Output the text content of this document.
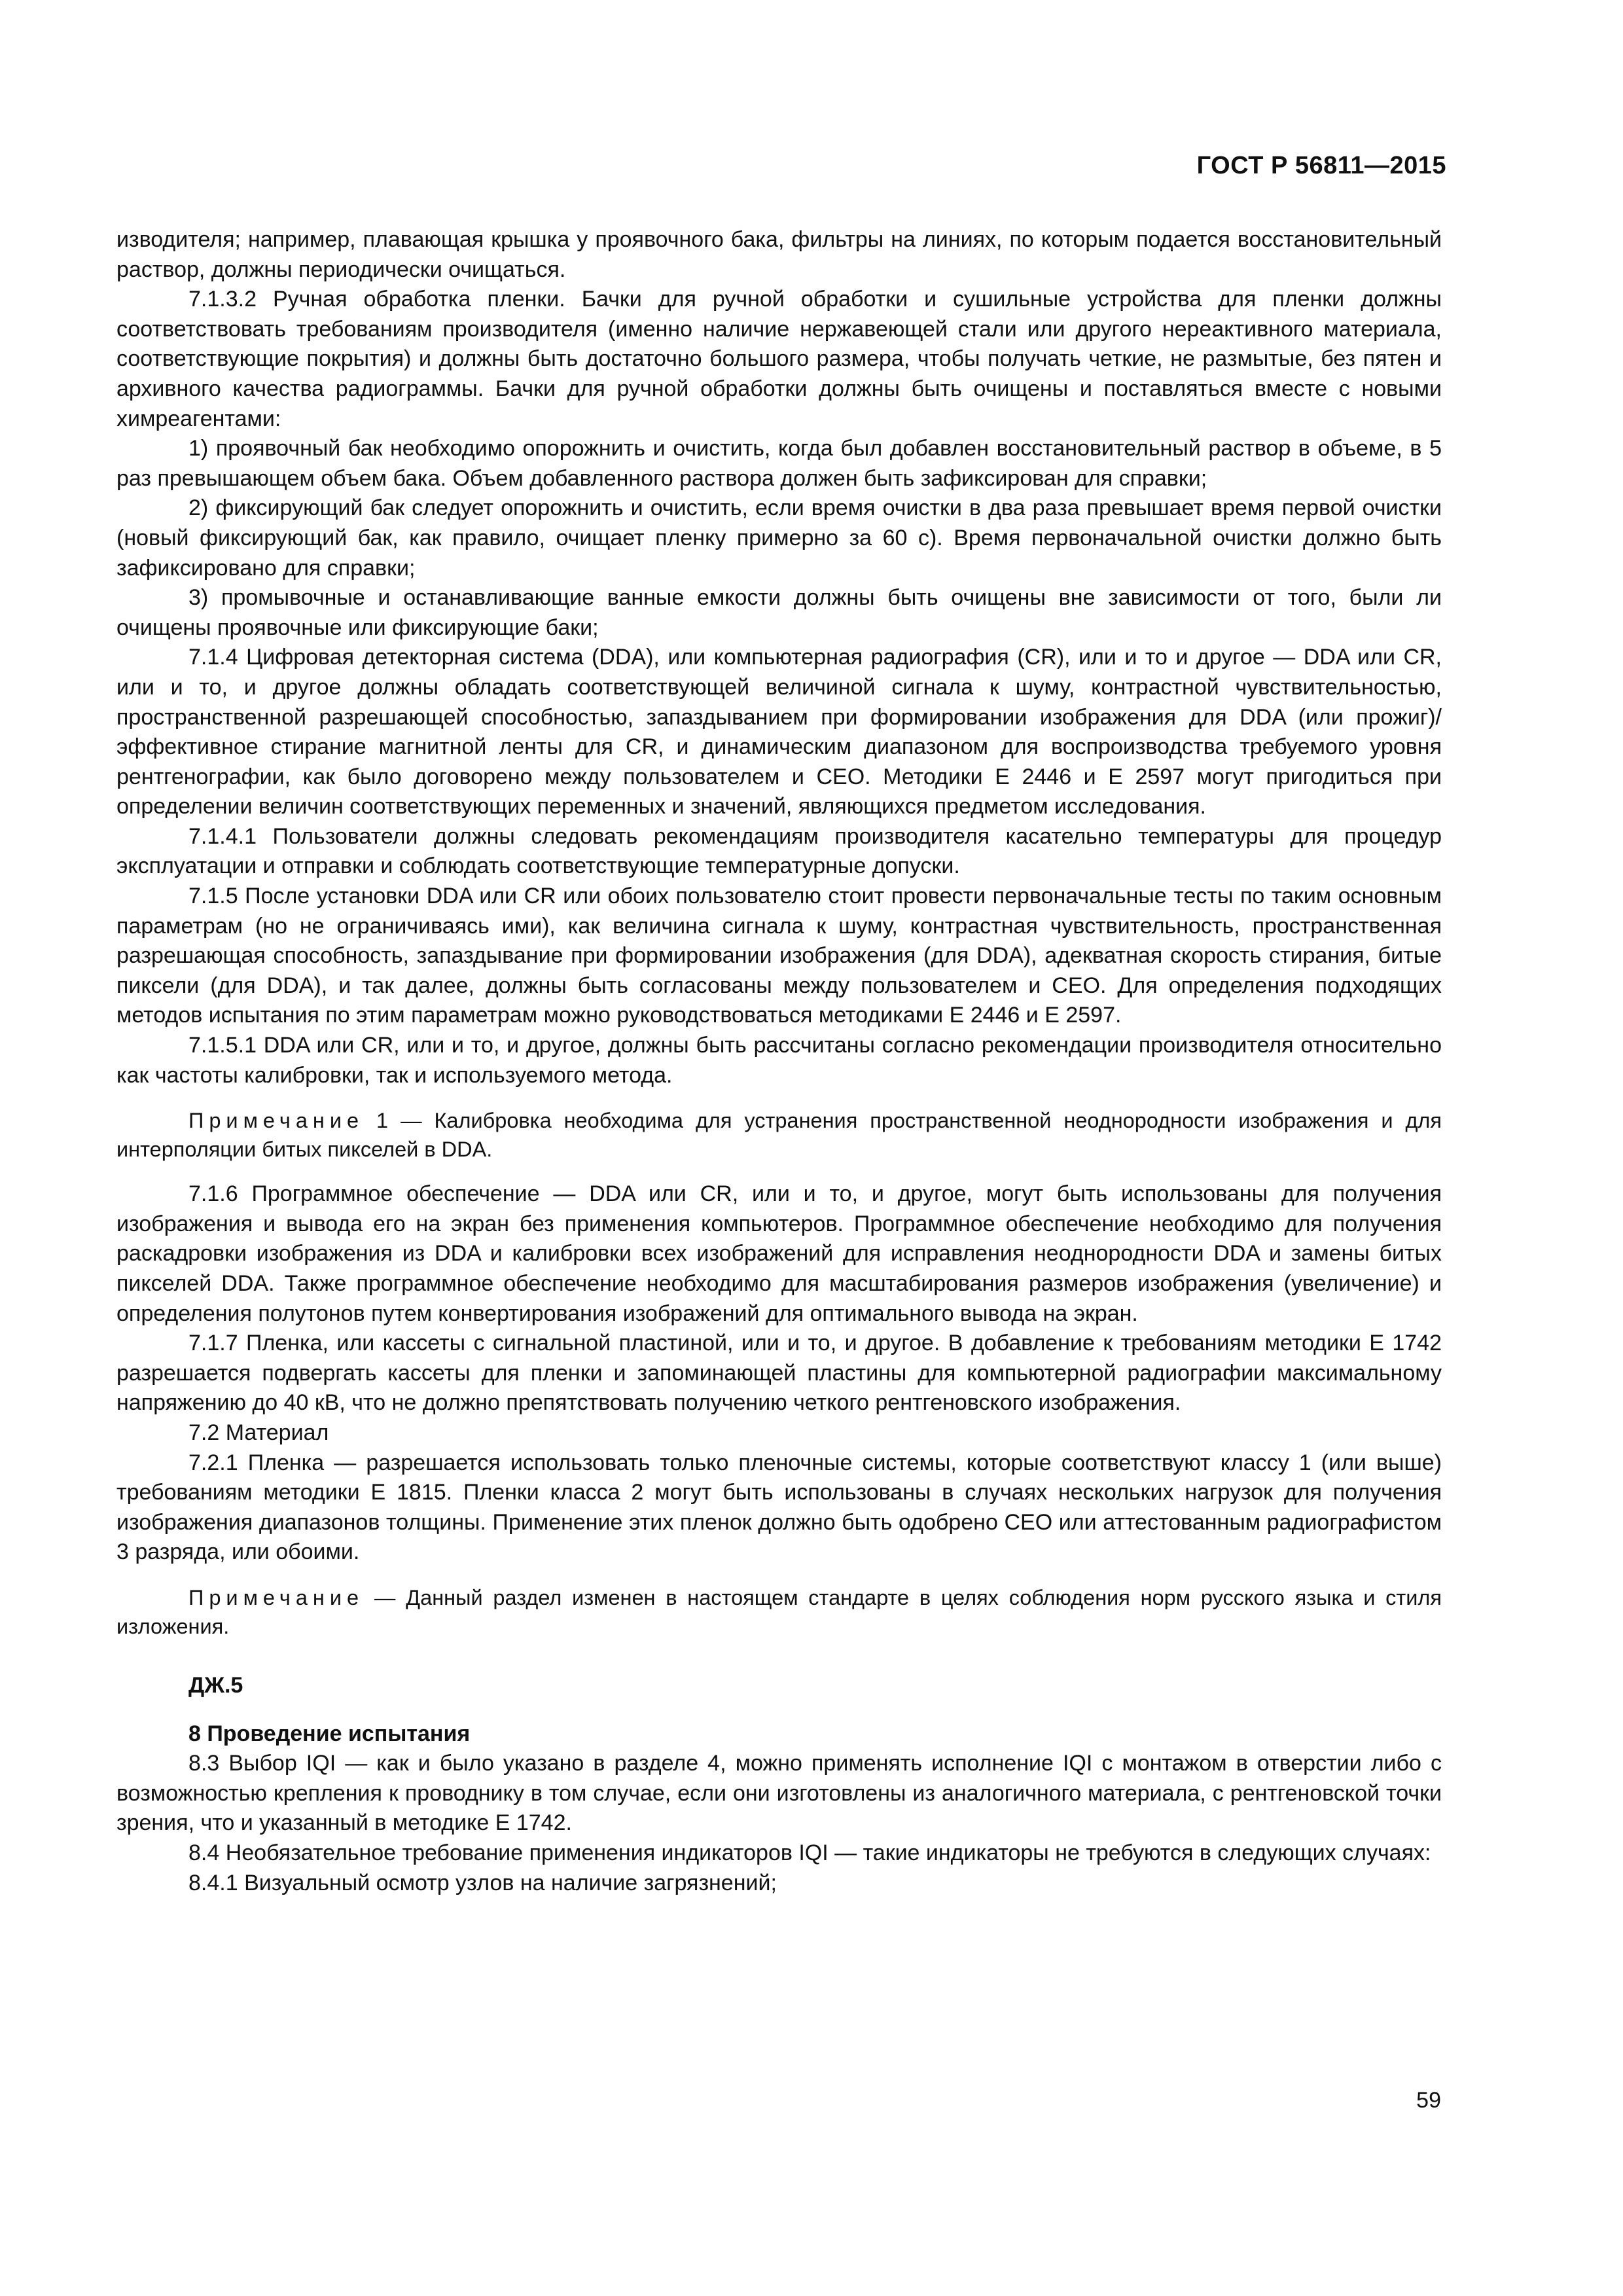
ГОСТ Р 56811—2015

изводителя; например, плавающая крышка у проявочного бака, фильтры на линиях, по которым подается восстановительный раствор, должны периодически очищаться.

7.1.3.2 Ручная обработка пленки. Бачки для ручной обработки и сушильные устройства для пленки должны соответствовать требованиям производителя (именно наличие нержавеющей стали или другого нереактивного материала, соответствующие покрытия) и должны быть достаточно большого размера, чтобы получать четкие, не размытые, без пятен и архивного качества радиограммы. Бачки для ручной обработки должны быть очищены и поставляться вместе с новыми химреагентами:

1) проявочный бак необходимо опорожнить и очистить, когда был добавлен восстановительный раствор в объеме, в 5 раз превышающем объем бака. Объем добавленного раствора должен быть зафиксирован для справки;

2) фиксирующий бак следует опорожнить и очистить, если время очистки в два раза превышает время первой очистки (новый фиксирующий бак, как правило, очищает пленку примерно за 60 с). Время первоначальной очистки должно быть зафиксировано для справки;

3) промывочные и останавливающие ванные емкости должны быть очищены вне зависимости от того, были ли очищены проявочные или фиксирующие баки;

7.1.4 Цифровая детекторная система (DDA), или компьютерная радиография (CR), или и то и другое — DDA или CR, или и то, и другое должны обладать соответствующей величиной сигнала к шуму, контрастной чувствительностью, пространственной разрешающей способностью, запаздыванием при формировании изображения для DDA (или прожиг)/эффективное стирание магнитной ленты для CR, и динамическим диапазоном для воспроизводства требуемого уровня рентгенографии, как было договорено между пользователем и CEO. Методики E 2446 и E 2597 могут пригодиться при определении величин соответствующих переменных и значений, являющихся предметом исследования.

7.1.4.1 Пользователи должны следовать рекомендациям производителя касательно температуры для процедур эксплуатации и отправки и соблюдать соответствующие температурные допуски.

7.1.5 После установки DDA или CR или обоих пользователю стоит провести первоначальные тесты по таким основным параметрам (но не ограничиваясь ими), как величина сигнала к шуму, контрастная чувствительность, пространственная разрешающая способность, запаздывание при формировании изображения (для DDA), адекватная скорость стирания, битые пиксели (для DDA), и так далее, должны быть согласованы между пользователем и CEO. Для определения подходящих методов испытания по этим параметрам можно руководствоваться методиками E 2446 и E 2597.

7.1.5.1 DDA или CR, или и то, и другое, должны быть рассчитаны согласно рекомендации производителя относительно как частоты калибровки, так и используемого метода.

Примечание 1 — Калибровка необходима для устранения пространственной неоднородности изображения и для интерполяции битых пикселей в DDA.

7.1.6 Программное обеспечение — DDA или CR, или и то, и другое, могут быть использованы для получения изображения и вывода его на экран без применения компьютеров. Программное обеспечение необходимо для получения раскадровки изображения из DDA и калибровки всех изображений для исправления неоднородности DDA и замены битых пикселей DDA. Также программное обеспечение необходимо для масштабирования размеров изображения (увеличение) и определения полутонов путем конвертирования изображений для оптимального вывода на экран.

7.1.7 Пленка, или кассеты с сигнальной пластиной, или и то, и другое. В добавление к требованиям методики E 1742 разрешается подвергать кассеты для пленки и запоминающей пластины для компьютерной радиографии максимальному напряжению до 40 кВ, что не должно препятствовать получению четкого рентгеновского изображения.

7.2 Материал

7.2.1 Пленка — разрешается использовать только пленочные системы, которые соответствуют классу 1 (или выше) требованиям методики E 1815. Пленки класса 2 могут быть использованы в случаях нескольких нагрузок для получения изображения диапазонов толщины. Применение этих пленок должно быть одобрено CEO или аттестованным радиографистом 3 разряда, или обоими.

Примечание — Данный раздел изменен в настоящем стандарте в целях соблюдения норм русского языка и стиля изложения.

ДЖ.5

8 Проведение испытания

8.3 Выбор IQI — как и было указано в разделе 4, можно применять исполнение IQI с монтажом в отверстии либо с возможностью крепления к проводнику в том случае, если они изготовлены из аналогичного материала, с рентгеновской точки зрения, что и указанный в методике E 1742.

8.4 Необязательное требование применения индикаторов IQI — такие индикаторы не требуются в следующих случаях:

8.4.1 Визуальный осмотр узлов на наличие загрязнений;

59
